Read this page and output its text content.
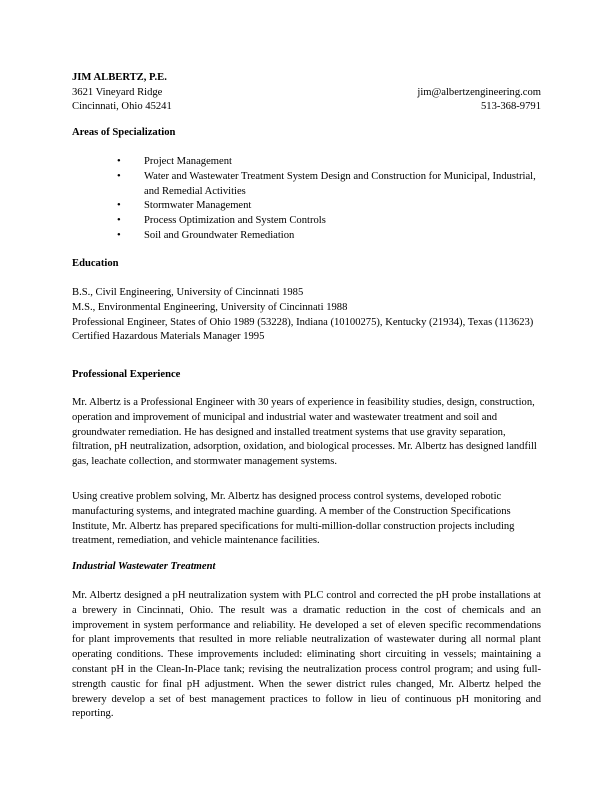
JIM ALBERTZ, P.E.
3621 Vineyard Ridge	jim@albertzengineering.com
Cincinnati, Ohio 45241	513-368-9791
Areas of Specialization
• Project Management
• Water and Wastewater Treatment System Design and Construction for Municipal, Industrial, and Remedial Activities
• Stormwater Management
• Process Optimization and System Controls
• Soil and Groundwater Remediation
Education
B.S., Civil Engineering, University of Cincinnati 1985
M.S., Environmental Engineering, University of Cincinnati 1988
Professional Engineer, States of Ohio 1989 (53228), Indiana (10100275), Kentucky (21934), Texas (113623)
Certified Hazardous Materials Manager 1995
Professional Experience
Mr. Albertz is a Professional Engineer with 30 years of experience in feasibility studies, design, construction, operation and improvement of municipal and industrial water and wastewater treatment and soil and groundwater remediation. He has designed and installed treatment systems that use gravity separation, filtration, pH neutralization, adsorption, oxidation, and biological processes. Mr. Albertz has designed landfill gas, leachate collection, and stormwater management systems.
Using creative problem solving, Mr. Albertz has designed process control systems, developed robotic manufacturing systems, and integrated machine guarding. A member of the Construction Specifications Institute, Mr. Albertz has prepared specifications for multi-million-dollar construction projects including treatment, remediation, and vehicle maintenance facilities.
Industrial Wastewater Treatment
Mr. Albertz designed a pH neutralization system with PLC control and corrected the pH probe installations at a brewery in Cincinnati, Ohio. The result was a dramatic reduction in the cost of chemicals and an improvement in system performance and reliability. He developed a set of eleven specific recommendations for plant improvements that resulted in more reliable neutralization of wastewater during all normal plant operating conditions. These improvements included: eliminating short circuiting in vessels; maintaining a constant pH in the Clean-In-Place tank; revising the neutralization process control program; and using full-strength caustic for final pH adjustment. When the sewer district rules changed, Mr. Albertz helped the brewery develop a set of best management practices to follow in lieu of continuous pH monitoring and reporting.
